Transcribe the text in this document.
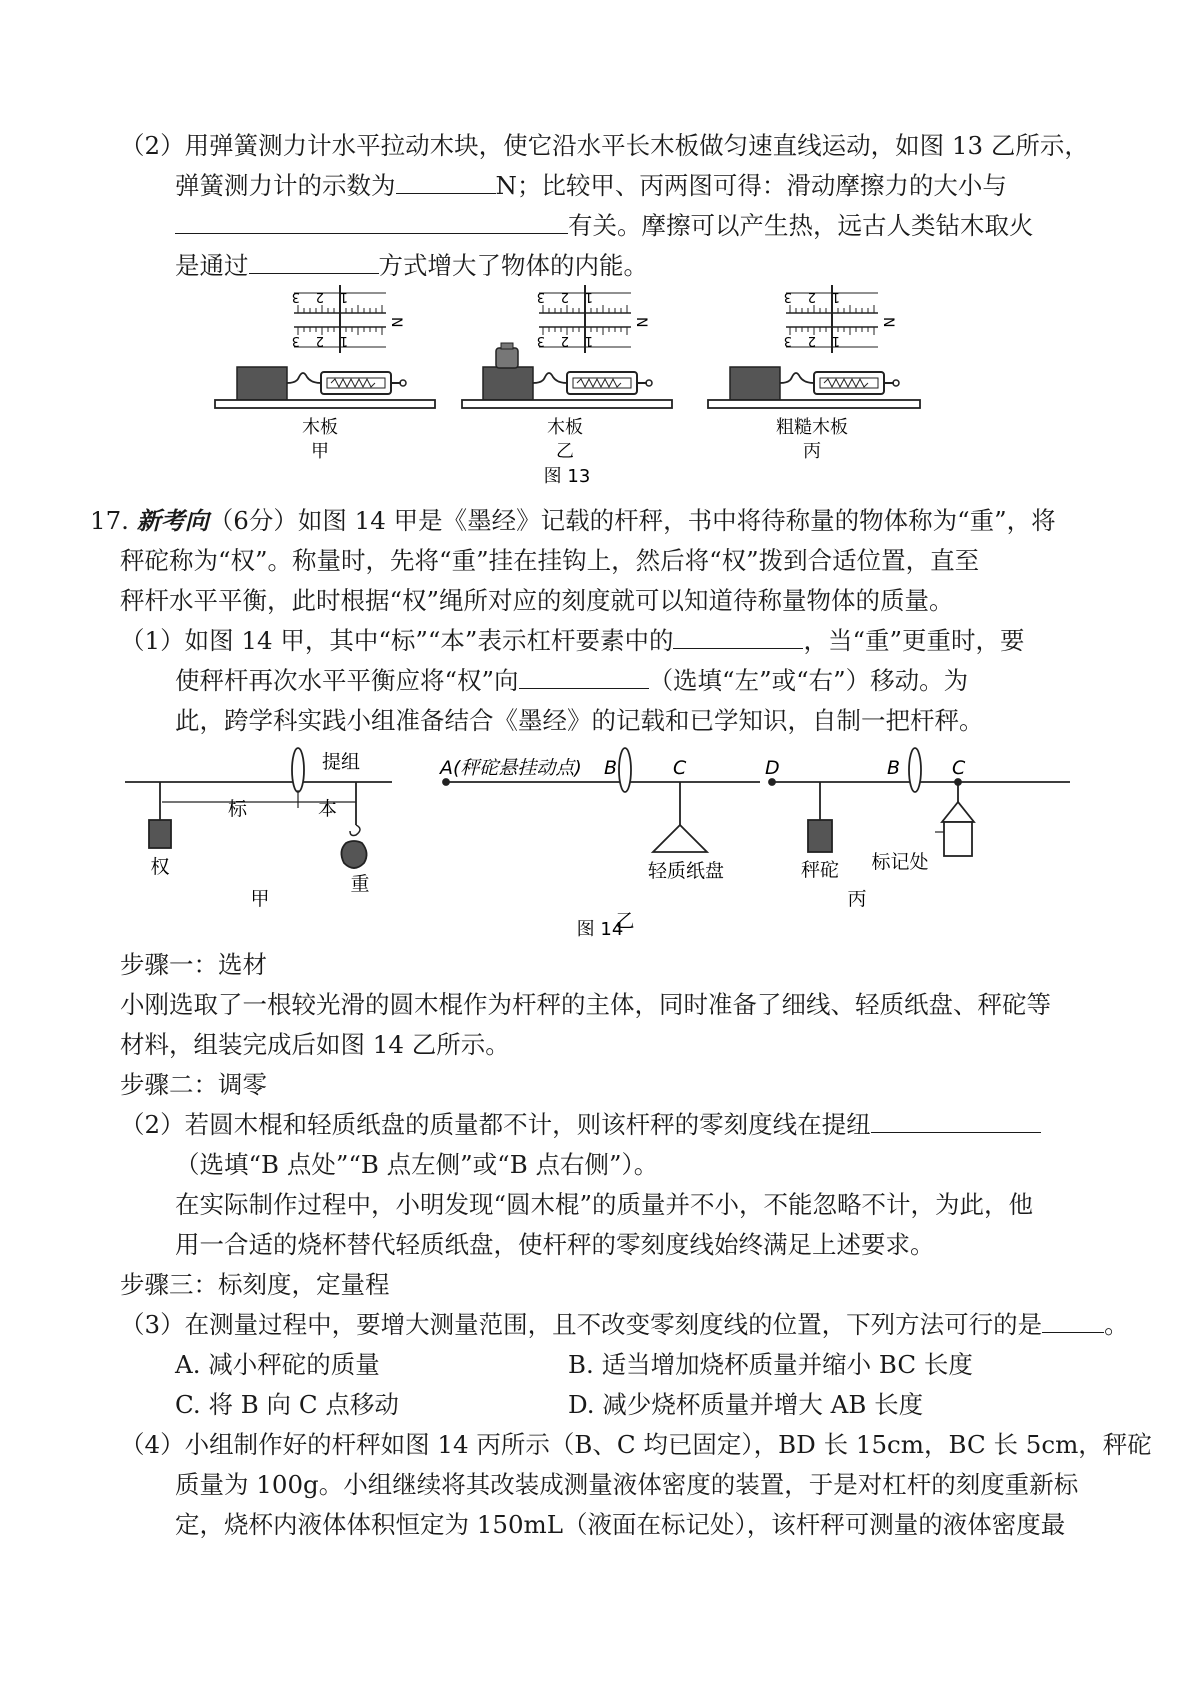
（2）用弹簧测力计水平拉动木块，使它沿水平长木板做匀速直线运动，如图 13 乙所示，
弹簧测力计的示数为	N；比较甲、丙两图可得：滑动摩擦力的大小与
有关。摩擦可以产生热，远古人类钻木取火
是通过	方式增大了物体的内能。
3	2	1
3	2	1
N
木板
甲
木板
乙
粗糙木板
丙
图 13
17. 新考向（6分）如图 14 甲是《墨经》记载的杆秤，书中将待称量的物体称为“重”，将
秤砣称为“权”。称量时，先将“重”挂在挂钩上，然后将“权”拨到合适位置，直至
秤杆水平平衡，此时根据“权”绳所对应的刻度就可以知道待称量物体的质量。
（1）如图 14 甲，其中“标”“本”表示杠杆要素中的	，当“重”更重时，要
使秤杆再次水平平衡应将“权”向	（选填“左”或“右”）移动。为
此，跨学科实践小组准备结合《墨经》的记载和已学知识，自制一把杆秤。
提组
标	本
权
重
甲
A(秤砣悬挂动点) B	C
轻质纸盘
乙
D	B	C
秤砣 标记处
丙
图 14
步骤一：选材
小刚选取了一根较光滑的圆木棍作为杆秤的主体，同时准备了细线、轻质纸盘、秤砣等
材料，组装完成后如图 14 乙所示。
步骤二：调零
（2）若圆木棍和轻质纸盘的质量都不计，则该杆秤的零刻度线在提纽
（选填“B 点处”“B 点左侧”或“B 点右侧”）。
在实际制作过程中，小明发现“圆木棍”的质量并不小，不能忽略不计，为此，他
用一合适的烧杯替代轻质纸盘，使杆秤的零刻度线始终满足上述要求。
步骤三：标刻度，定量程
（3）在测量过程中，要增大测量范围，且不改变零刻度线的位置，下列方法可行的是	。
A. 减小秤砣的质量	B. 适当增加烧杯质量并缩小 BC 长度
C. 将 B 向 C 点移动	D. 减少烧杯质量并增大 AB 长度
（4）小组制作好的杆秤如图 14 丙所示（B、C 均已固定），BD 长 15cm，BC 长 5cm，秤砣
质量为 100g。小组继续将其改装成测量液体密度的装置，于是对杠杆的刻度重新标
定，烧杯内液体体积恒定为 150mL（液面在标记处），该杆秤可测量的液体密度最
